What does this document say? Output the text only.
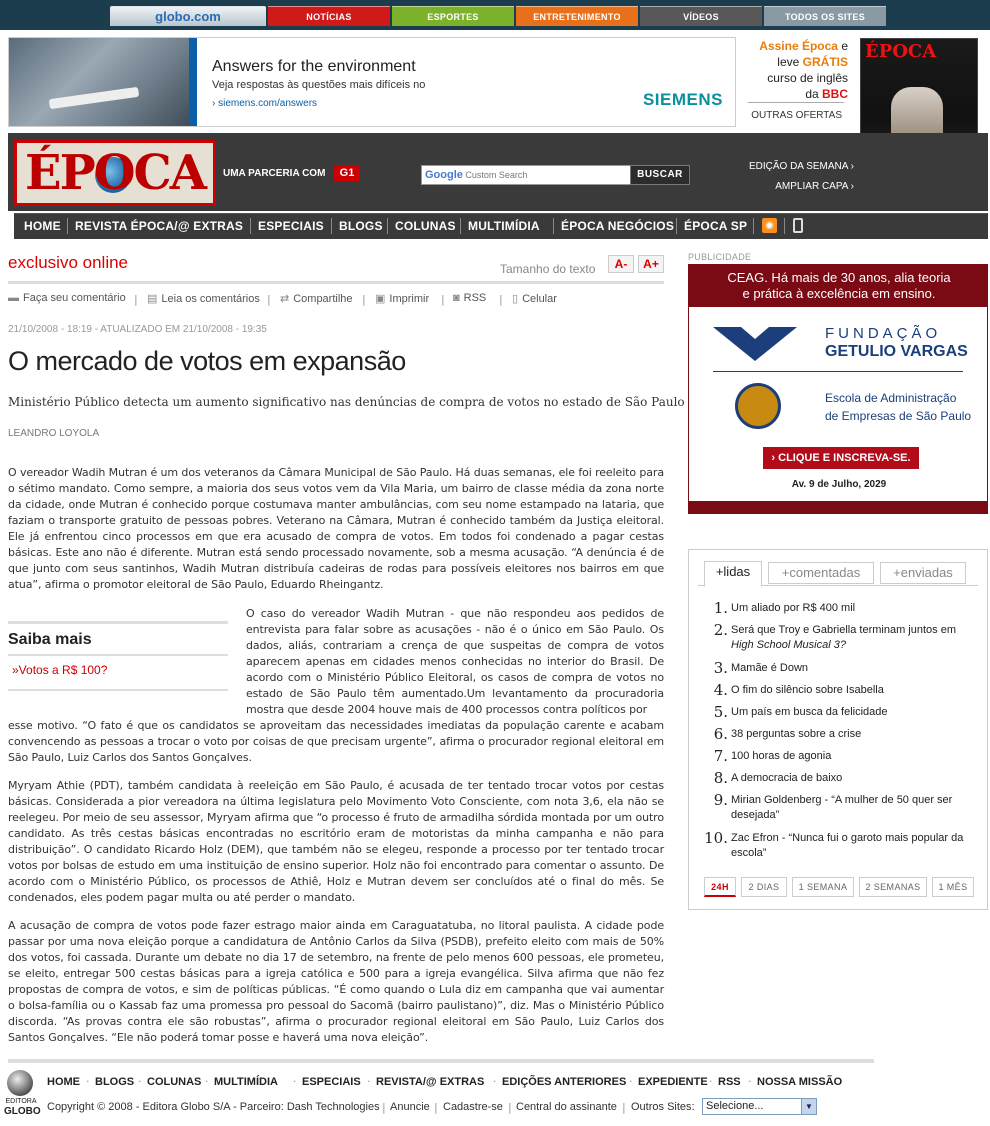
globo.com	NOTÍCIAS	ESPORTES	ENTRETENIMENTO	VÍDEOS	TODOS OS SITES
Answers for the environment
Veja respostas às questões mais difíceis no
› siemens.com/answers	SIEMENS
Assine Época e
leve GRÁTIS
curso de inglês
da BBC
OUTRAS OFERTAS
ÉPOCA
ÉPOCA	UMA PARCERIA COM	G1	Google Custom Search	BUSCAR
EDIÇÃO DA SEMANA ›
AMPLIAR CAPA ›
HOME REVISTA ÉPOCA/@ EXTRAS ESPECIAIS BLOGS COLUNAS MULTIMÍDIA ÉPOCA NEGÓCIOS ÉPOCA SP	◉
exclusivo online	Tamanho do texto	A-	A+
▬ Faça seu comentário | ▤ Leia os comentários | ⇄ Compartilhe | ▣ Imprimir | ◙ RSS | ▯ Celular
21/10/2008 - 18:19 - ATUALIZADO EM 21/10/2008 - 19:35
O mercado de votos em expansão
Ministério Público detecta um aumento significativo nas denúncias de compra de votos no estado de São Paulo
LEANDRO LOYOLA
O vereador Wadih Mutran é um dos veteranos da Câmara Municipal de São Paulo. Há duas semanas, ele foi reeleito para o sétimo mandato. Como sempre, a maioria dos seus votos vem da Vila Maria, um bairro de classe média da zona norte da cidade, onde Mutran é conhecido porque costumava manter ambulâncias, com seu nome estampado na lataria, que faziam o transporte gratuito de pessoas pobres. Veterano na Câmara, Mutran é conhecido também da Justiça eleitoral. Ele já enfrentou cinco processos em que era acusado de compra de votos. Em todos foi condenado a pagar cestas básicas. Este ano não é diferente. Mutran está sendo processado novamente, sob a mesma acusação. “A denúncia é de que junto com seus santinhos, Wadih Mutran distribuía cadeiras de rodas para possíveis eleitores nos bairros em que atua”, afirma o promotor eleitoral de São Paulo, Eduardo Rheingantz.
Saiba mais
»Votos a R$ 100?
O caso do vereador Wadih Mutran - que não respondeu aos pedidos de entrevista para falar sobre as acusações - não é o único em São Paulo. Os dados, aliás, contrariam a crença de que suspeitas de compra de votos aparecem apenas em cidades menos conhecidas no interior do Brasil. De acordo com o Ministério Público Eleitoral, os casos de compra de votos no estado de São Paulo têm aumentado.Um levantamento da procuradoria mostra que desde 2004 houve mais de 400 processos contra políticos por
esse motivo. “O fato é que os candidatos se aproveitam das necessidades imediatas da população carente e acabam convencendo as pessoas a trocar o voto por coisas de que precisam urgente”, afirma o procurador regional eleitoral em São Paulo, Luiz Carlos dos Santos Gonçalves.
Myryam Athie (PDT), também candidata à reeleição em São Paulo, é acusada de ter tentado trocar votos por cestas básicas. Considerada a pior vereadora na última legislatura pelo Movimento Voto Consciente, com nota 3,6, ela não se reelegeu. Por meio de seu assessor, Myryam afirma que “o processo é fruto de armadilha sórdida montada por um outro candidato. As três cestas básicas encontradas no escritório eram de motoristas da minha campanha e não para distribuição”. O candidato Ricardo Holz (DEM), que também não se elegeu, responde a processo por ter tentado trocar votos por bolsas de estudo em uma instituição de ensino superior. Holz não foi encontrado para comentar o assunto. De acordo com o Ministério Público, os processos de Athiê, Holz e Mutran devem ser concluídos até o final do mês. Se condenados, eles podem pagar multa ou até perder o mandato.
A acusação de compra de votos pode fazer estrago maior ainda em Caraguatatuba, no litoral paulista. A cidade pode passar por uma nova eleição porque a candidatura de Antônio Carlos da Silva (PSDB), prefeito eleito com mais de 50% dos votos, foi cassada. Durante um debate no dia 17 de setembro, na frente de pelo menos 600 pessoas, ele prometeu, se eleito, entregar 500 cestas básicas para a igreja católica e 500 para a igreja evangélica. Silva afirma que não fez propostas de compra de votos, e sim de políticas públicas. “É como quando o Lula diz em campanha que vai aumentar o bolsa-família ou o Kassab faz uma promessa pro pessoal do Sacomã (bairro paulistano)”, diz. Mas o Ministério Público discorda. “As provas contra ele são robustas”, afirma o procurador regional eleitoral em São Paulo, Luiz Carlos dos Santos Gonçalves. “Ele não poderá tomar posse e haverá uma nova eleição”.
PUBLICIDADE
CEAG. Há mais de 30 anos, alia teoria
e prática à excelência em ensino.
FUNDAÇÃO
GETULIO VARGAS
Escola de Administração
de Empresas de São Paulo
› CLIQUE E INSCREVA-SE.
Av. 9 de Julho, 2029
+lidas	+comentadas	+enviadas
1. Um aliado por R$ 400 mil
2. Será que Troy e Gabriella terminam juntos em High School Musical 3?
3. Mamãe é Down
4. O fim do silêncio sobre Isabella
5. Um país em busca da felicidade
6. 38 perguntas sobre a crise
7. 100 horas de agonia
8. A democracia de baixo
9. Mirian Goldenberg - “A mulher de 50 quer ser desejada”
10. Zac Efron - “Nunca fui o garoto mais popular da escola”
24H	2 DIAS	1 SEMANA	2 SEMANAS	1 MÊS
EDITORA
GLOBO
HOME · BLOGS · COLUNAS · MULTIMÍDIA · ESPECIAIS · REVISTA/@ EXTRAS · EDIÇÕES ANTERIORES · EXPEDIENTE · RSS · NOSSA MISSÃO
Copyright © 2008 - Editora Globo S/A - Parceiro: Dash Technologies | Anuncie | Cadastre-se | Central do assinante | Outros Sites:	Selecione...	▼
